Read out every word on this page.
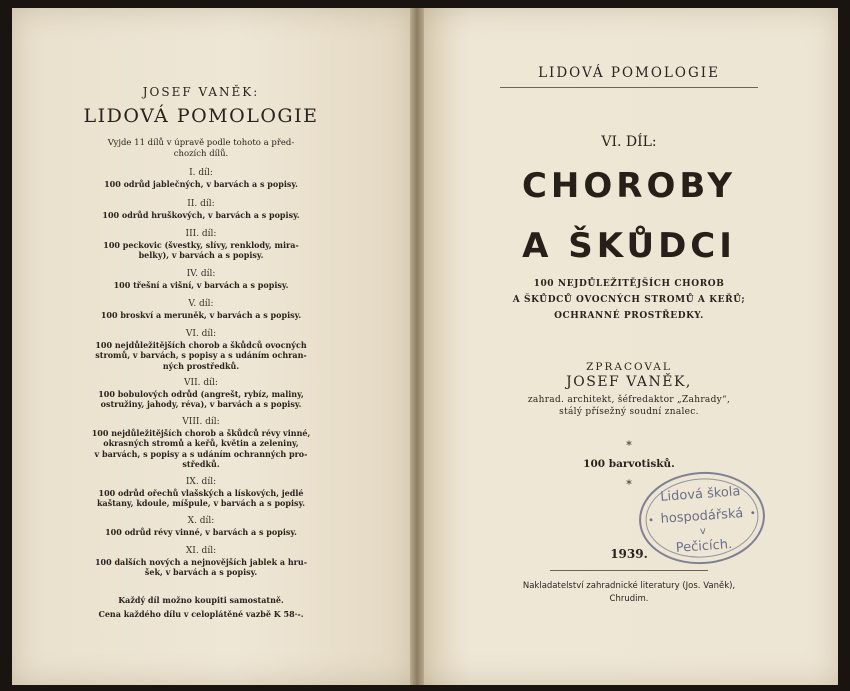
JOSEF VANĚK:
LIDOVÁ POMOLOGIE
Vyjde 11 dílů v úpravě podle tohoto a před-
chozích dílů.
I. díl:
100 odrůd jablečných, v barvách a s popisy.
II. díl:
100 odrůd hruškových, v barvách a s popisy.
III. díl:
100 peckovic (švestky, slívy, renklody, mira-
belky), v barvách a s popisy.
IV. díl:
100 třešní a višní, v barvách a s popisy.
V. díl:
100 broskví a meruněk, v barvách a s popisy.
VI. díl:
100 nejdůležitějších chorob a škůdců ovocných
stromů, v barvách, s popisy a s udáním ochran-
ných prostředků.
VII. díl:
100 bobulových odrůd (angrešt, rybíz, maliny,
ostružiny, jahody, réva), v barvách a s popisy.
VIII. díl:
100 nejdůležitějších chorob a škůdců révy vinné,
okrasných stromů a keřů, květin a zeleniny,
v barvách, s popisy a s udáním ochranných pro-
středků.
IX. díl:
100 odrůd ořechů vlašských a lískových, jedlé
kaštany, kdoule, míšpule, v barvách a s popisy.
X. díl:
100 odrůd révy vinné, v barvách a s popisy.
XI. díl:
100 dalších nových a nejnovějších jablek a hru-
šek, v barvách a s popisy.
Každý díl možno koupiti samostatně.
Cena každého dílu v celoplátěné vazbě K 58·-.
LIDOVÁ POMOLOGIE
VI. DÍL:
CHOROBY
A ŠKŮDCI
100 NEJDŮLEŽITĚJŠÍCH CHOROB
A ŠKŮDCŮ OVOCNÝCH STROMŮ A KEŘŮ;
OCHRANNÉ PROSTŘEDKY.
ZPRACOVAL
JOSEF VANĚK,
zahrad. architekt, šéfredaktor „Zahrady“,
stálý přísežný soudní znalec.
*
100 barvotisků.
*
1939.
Nakladatelství zahradnické literatury (Jos. Vaněk),
Chrudim.
Lidová škola
hospodářská
•
•
v
Pečicích.
